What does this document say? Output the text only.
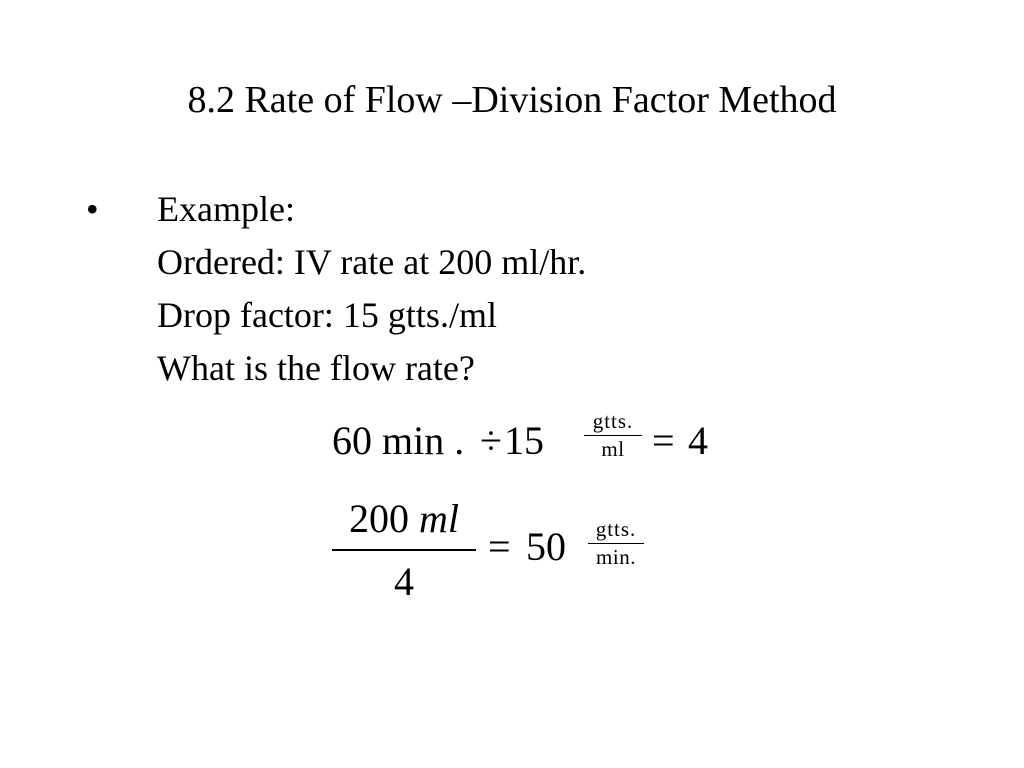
8.2 Rate of Flow –Division Factor Method
• Example:
Ordered: IV rate at 200 ml/hr.
Drop factor: 15 gtts./ml
What is the flow rate?
60 min . ÷ 15	gtts.
ml = 4
200 ml
4
= 50	gtts.
min.
